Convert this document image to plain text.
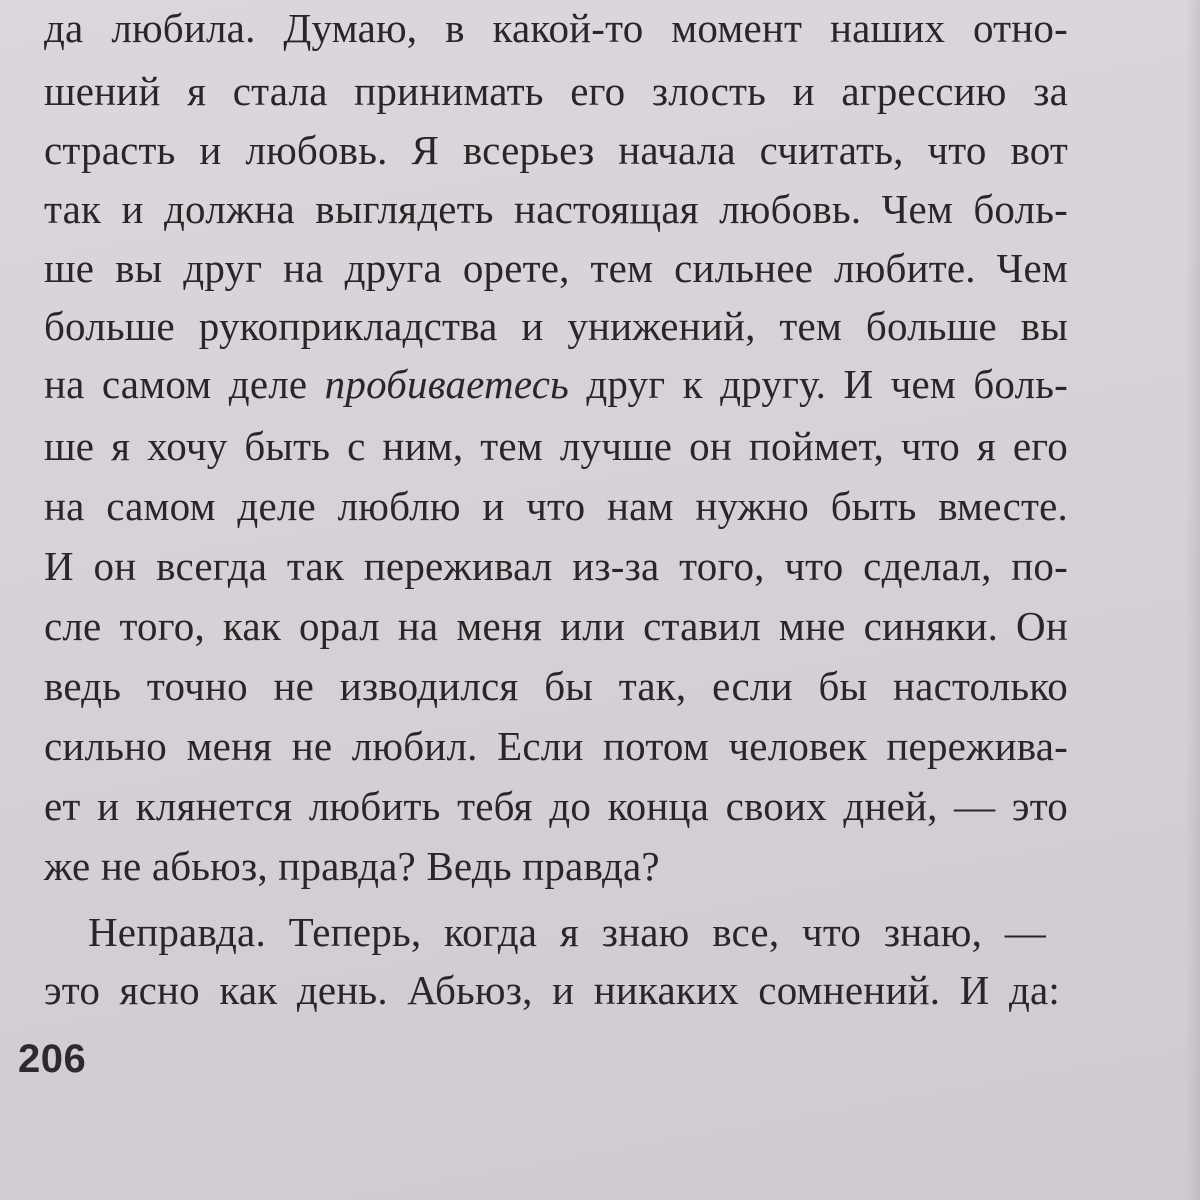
да любила. Думаю, в какой-то момент наших отно-
шений я стала принимать его злость и агрессию за
страсть и любовь. Я всерьез начала считать, что вот
так и должна выглядеть настоящая любовь. Чем боль-
ше вы друг на друга орете, тем сильнее любите. Чем
больше рукоприкладства и унижений, тем больше вы
на самом деле пробиваетесь друг к другу. И чем боль-
ше я хочу быть с ним, тем лучше он поймет, что я его
на самом деле люблю и что нам нужно быть вместе.
И он всегда так переживал из-за того, что сделал, по-
сле того, как орал на меня или ставил мне синяки. Он
ведь точно не изводился бы так, если бы настолько
сильно меня не любил. Если потом человек пережива-
ет и клянется любить тебя до конца своих дней, — это
же не абьюз, правда? Ведь правда?
Неправда. Теперь, когда я знаю все, что знаю, —
это ясно как день. Абьюз, и никаких сомнений. И да:
206
